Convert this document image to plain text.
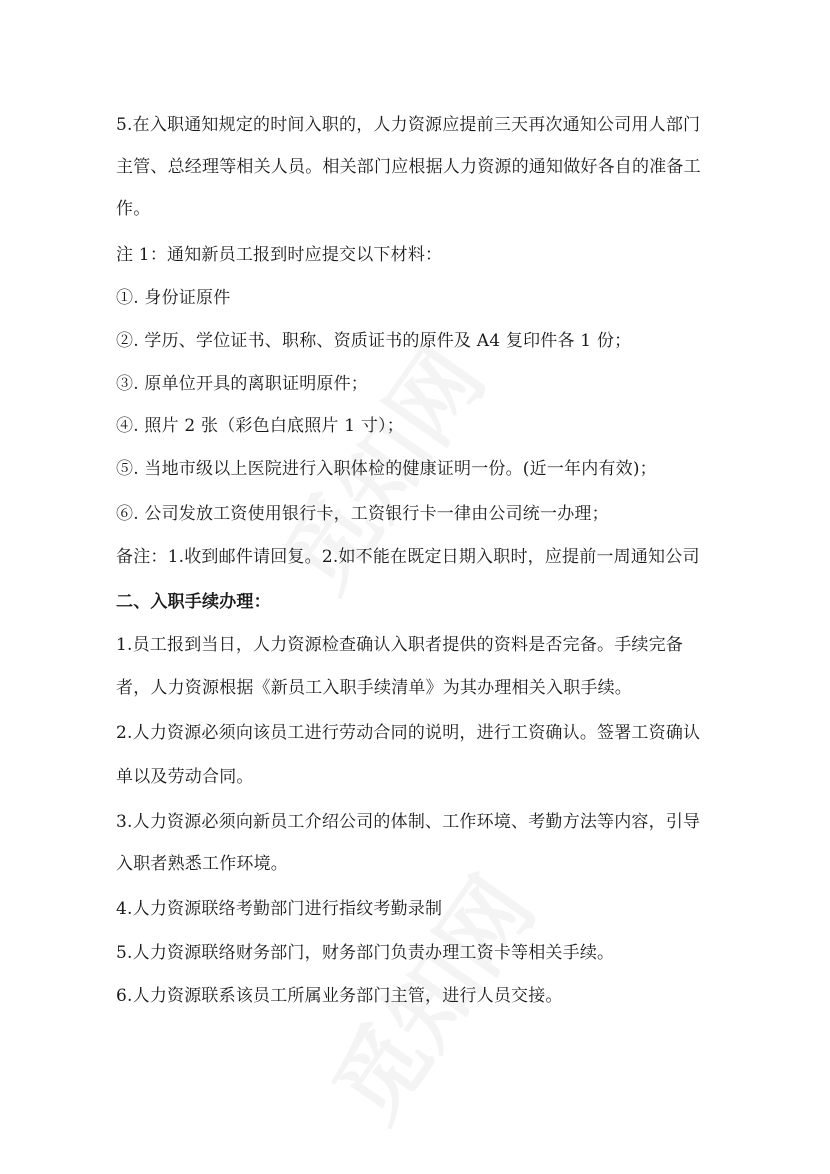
5.在入职通知规定的时间入职的，人力资源应提前三天再次通知公司用人部门
主管、总经理等相关人员。相关部门应根据人力资源的通知做好各自的准备工
作。
注 1：通知新员工报到时应提交以下材料：
①. 身份证原件
②. 学历、学位证书、职称、资质证书的原件及 A4 复印件各 1 份；
③. 原单位开具的离职证明原件；
④. 照片 2 张（彩色白底照片 1 寸）；
⑤. 当地市级以上医院进行入职体检的健康证明一份。(近一年内有效)；
⑥. 公司发放工资使用银行卡，工资银行卡一律由公司统一办理；
备注：1.收到邮件请回复。2.如不能在既定日期入职时，应提前一周通知公司
二、入职手续办理：
1.员工报到当日，人力资源检查确认入职者提供的资料是否完备。手续完备
者，人力资源根据《新员工入职手续清单》为其办理相关入职手续。
2.人力资源必须向该员工进行劳动合同的说明，进行工资确认。签署工资确认
单以及劳动合同。
3.人力资源必须向新员工介绍公司的体制、工作环境、考勤方法等内容，引导
入职者熟悉工作环境。
4.人力资源联络考勤部门进行指纹考勤录制
5.人力资源联络财务部门，财务部门负责办理工资卡等相关手续。
6.人力资源联系该员工所属业务部门主管，进行人员交接。
